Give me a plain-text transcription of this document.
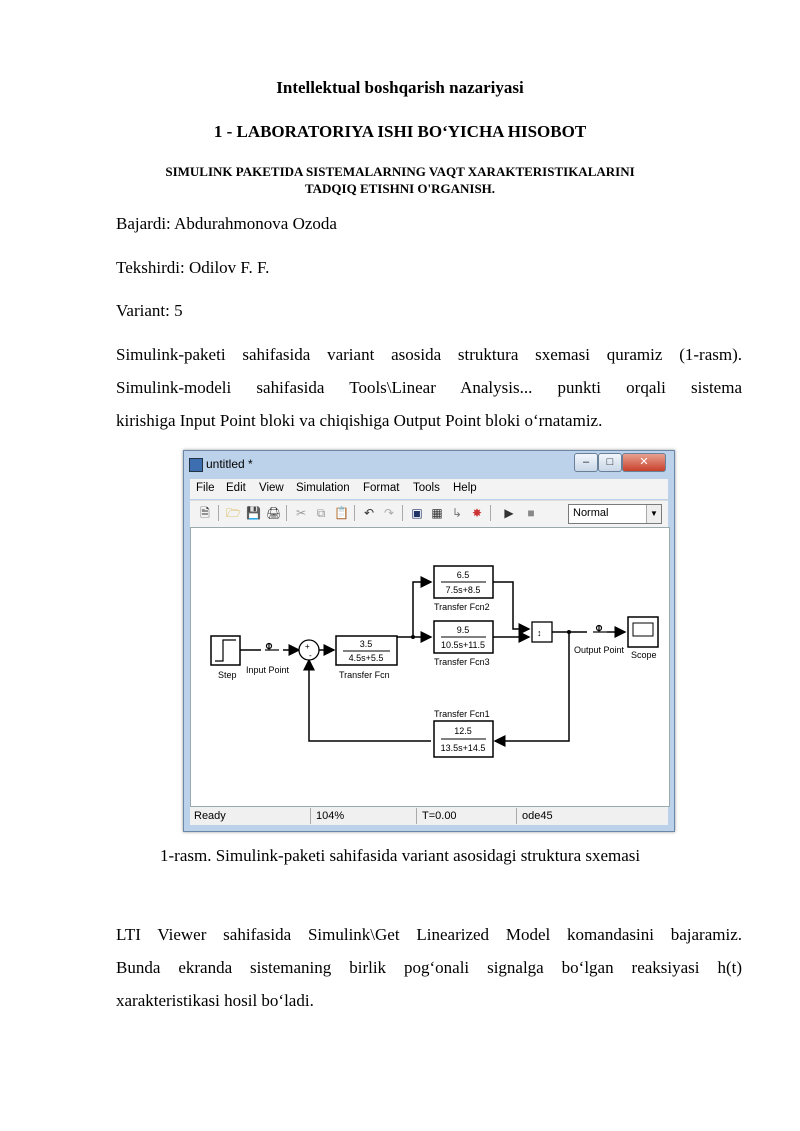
Intellektual boshqarish nazariyasi
1 - LABORATORIYA ISHI BO‘YICHA HISOBOT
SIMULINK PAKETIDA SISTEMALARNING VAQT XARAKTERISTIKALARINI
TADQIQ ETISHNI O'RGANISH.
Bajardi: Abdurahmonova Ozoda
Tekshirdi: Odilov F. F.
Variant: 5
Simulink-paketi sahifasida variant asosida struktura sxemasi quramiz (1-rasm).
Simulink-modeli sahifasida Tools\Linear Analysis... punkti orqali sistema
kirishiga Input Point bloki va chiqishiga Output Point bloki o‘rnatamiz.
untitled *	–	□	✕
File Edit View Simulation Format Tools Help
🗎 🗁 💾 🖨 ✂ ⧉ 📋 ↶ ↷ ▣ ▦ ↳ ✸ ▶ ■	Normal	▼
Step Input Point
+
-
3.5
4.5s+5.5
Transfer Fcn
6.5
7.5s+8.5
Transfer Fcn2
9.5
10.5s+11.5
Transfer Fcn3
↕
Output Point Scope
Transfer Fcn1
12.5
13.5s+14.5
Ready	104%	T=0.00	ode45
1-rasm. Simulink-paketi sahifasida variant asosidagi struktura sxemasi
LTI Viewer sahifasida Simulink\Get Linearized Model komandasini bajaramiz.
Bunda ekranda sistemaning birlik pog‘onali signalga bo‘lgan reaksiyasi h(t)
xarakteristikasi hosil bo‘ladi.
